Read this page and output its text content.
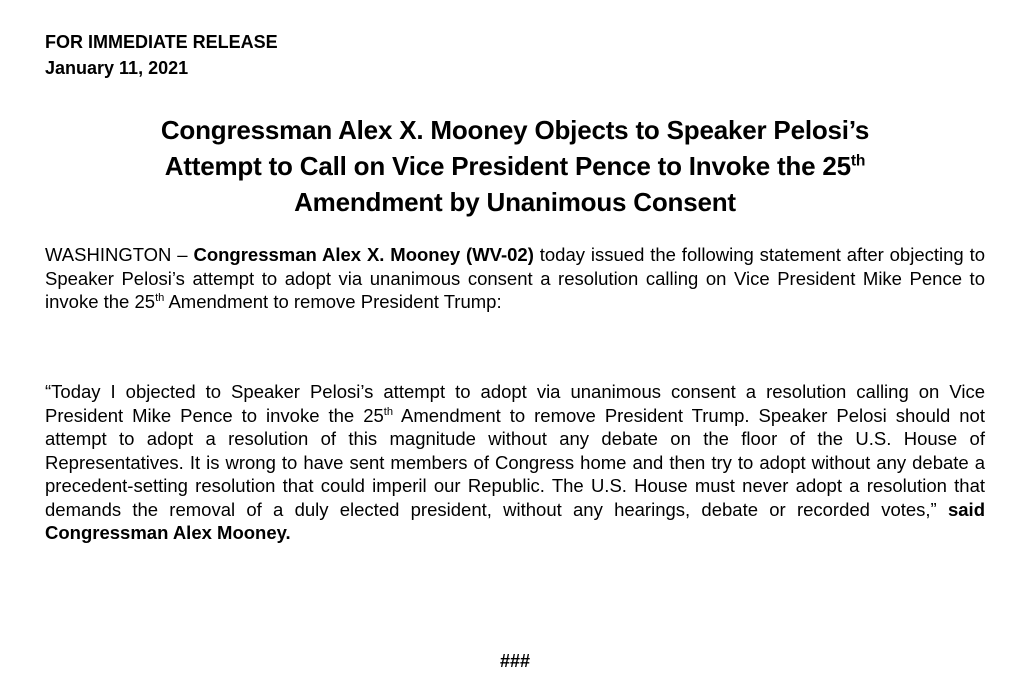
FOR IMMEDIATE RELEASE
January 11, 2021
Congressman Alex X. Mooney Objects to Speaker Pelosi’s
Attempt to Call on Vice President Pence to Invoke the 25th
Amendment by Unanimous Consent
WASHINGTON – Congressman Alex X. Mooney (WV-02) today issued the following statement after objecting to Speaker Pelosi’s attempt to adopt via unanimous consent a resolution calling on Vice President Mike Pence to invoke the 25th Amendment to remove President Trump:
“Today I objected to Speaker Pelosi’s attempt to adopt via unanimous consent a resolution calling on Vice President Mike Pence to invoke the 25th Amendment to remove President Trump. Speaker Pelosi should not attempt to adopt a resolution of this magnitude without any debate on the floor of the U.S. House of Representatives. It is wrong to have sent members of Congress home and then try to adopt without any debate a precedent-setting resolution that could imperil our Republic. The U.S. House must never adopt a resolution that demands the removal of a duly elected president, without any hearings, debate or recorded votes,” said Congressman Alex Mooney.
###
